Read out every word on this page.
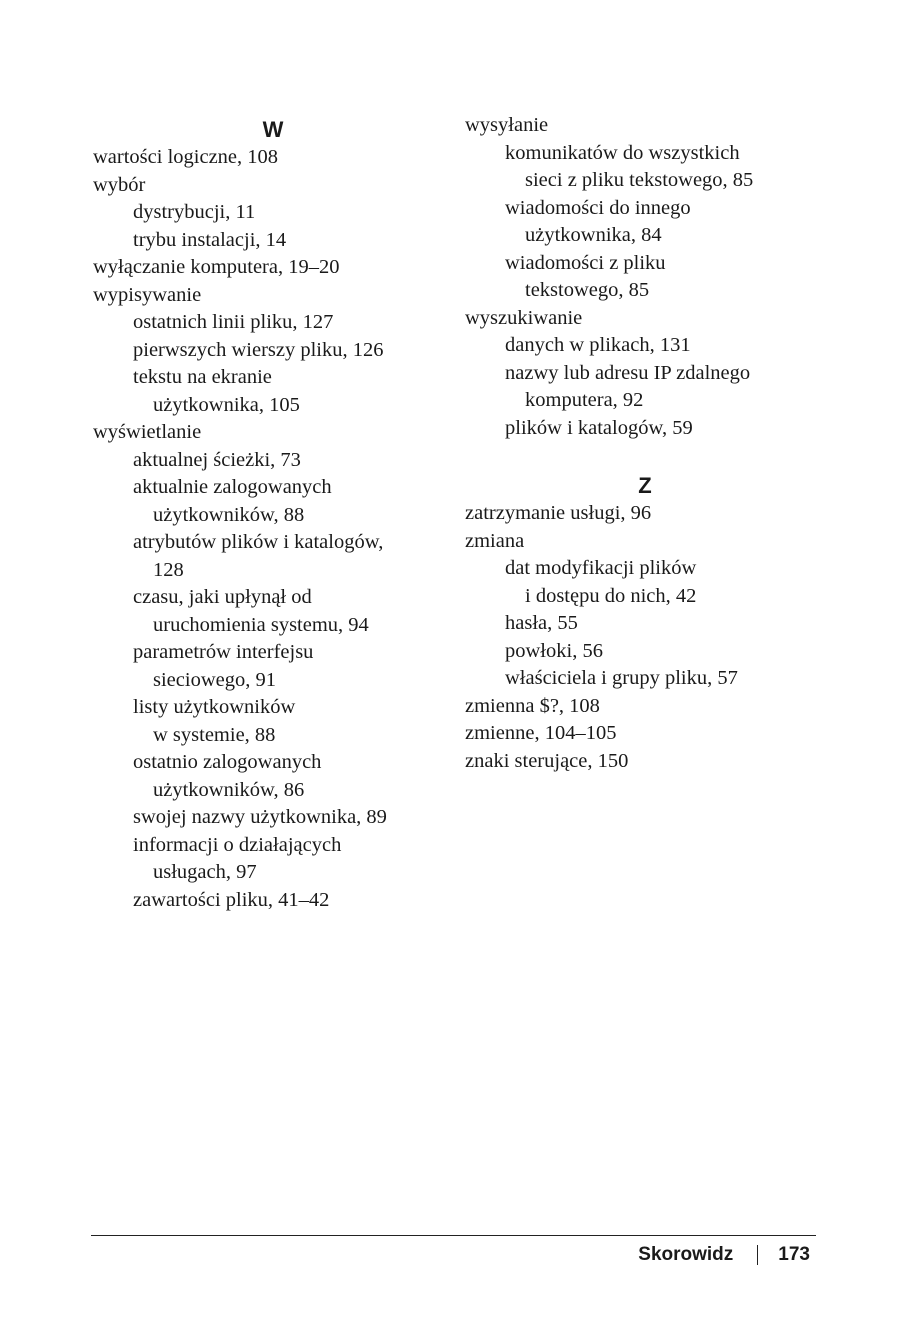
W
wartości logiczne, 108
wybór
dystrybucji, 11
trybu instalacji, 14
wyłączanie komputera, 19–20
wypisywanie
ostatnich linii pliku, 127
pierwszych wierszy pliku, 126
tekstu na ekranie
użytkownika, 105
wyświetlanie
aktualnej ścieżki, 73
aktualnie zalogowanych
użytkowników, 88
atrybutów plików i katalogów,
128
czasu, jaki upłynął od
uruchomienia systemu, 94
parametrów interfejsu
sieciowego, 91
listy użytkowników
w systemie, 88
ostatnio zalogowanych
użytkowników, 86
swojej nazwy użytkownika, 89
informacji o działających
usługach, 97
zawartości pliku, 41–42
wysyłanie
komunikatów do wszystkich
sieci z pliku tekstowego, 85
wiadomości do innego
użytkownika, 84
wiadomości z pliku
tekstowego, 85
wyszukiwanie
danych w plikach, 131
nazwy lub adresu IP zdalnego
komputera, 92
plików i katalogów, 59
Z
zatrzymanie usługi, 96
zmiana
dat modyfikacji plików
i dostępu do nich, 42
hasła, 55
powłoki, 56
właściciela i grupy pliku, 57
zmienna $?, 108
zmienne, 104–105
znaki sterujące, 150
Skorowidz 173
